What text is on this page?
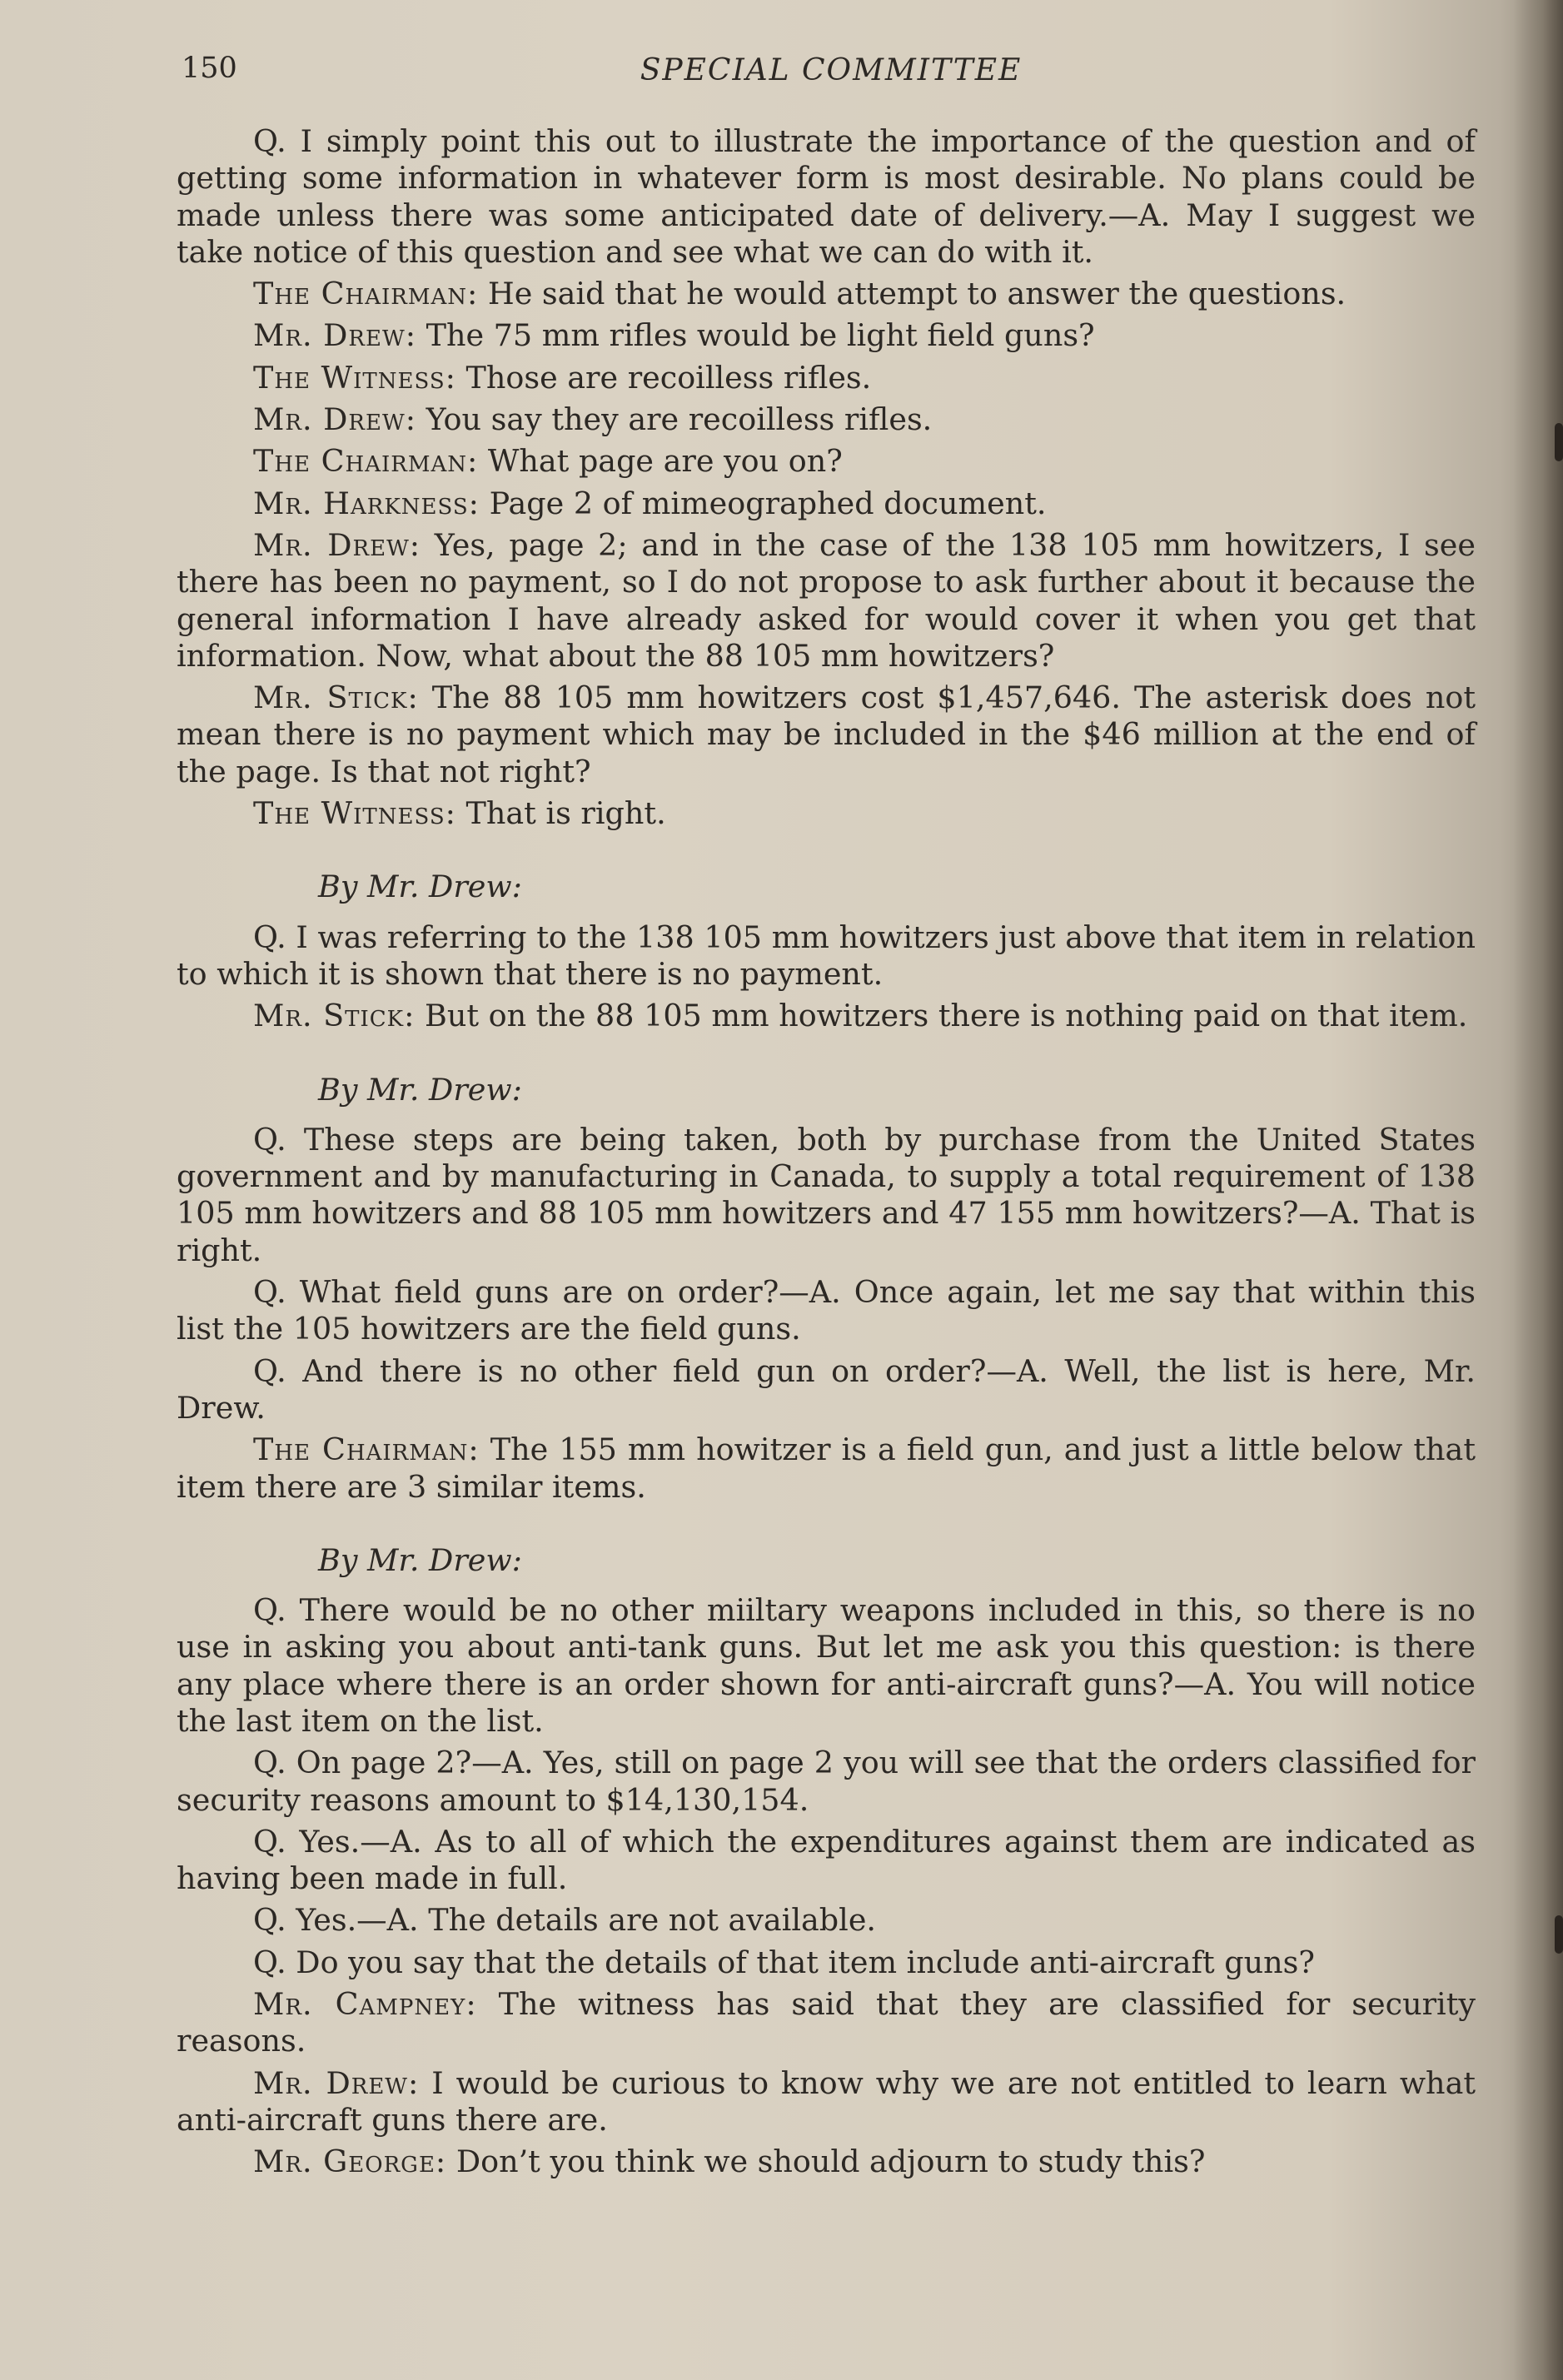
150	SPECIAL COMMITTEE

Q. I simply point this out to illustrate the importance of the question and of getting some information in whatever form is most desirable. No plans could be made unless there was some anticipated date of delivery.—A. May I suggest we take notice of this question and see what we can do with it.

The Chairman: He said that he would attempt to answer the questions.

Mr. Drew: The 75 mm rifles would be light field guns?

The Witness: Those are recoilless rifles.

Mr. Drew: You say they are recoilless rifles.

The Chairman: What page are you on?

Mr. Harkness: Page 2 of mimeographed document.

Mr. Drew: Yes, page 2; and in the case of the 138 105 mm howitzers, I see there has been no payment, so I do not propose to ask further about it because the general information I have already asked for would cover it when you get that information. Now, what about the 88 105 mm howitzers?

Mr. Stick: The 88 105 mm howitzers cost $1,457,646. The asterisk does not mean there is no payment which may be included in the $46 million at the end of the page. Is that not right?

The Witness: That is right.

By Mr. Drew:

Q. I was referring to the 138 105 mm howitzers just above that item in relation to which it is shown that there is no payment.

Mr. Stick: But on the 88 105 mm howitzers there is nothing paid on that item.

By Mr. Drew:

Q. These steps are being taken, both by purchase from the United States government and by manufacturing in Canada, to supply a total requirement of 138 105 mm howitzers and 88 105 mm howitzers and 47 155 mm howitzers?—A. That is right.

Q. What field guns are on order?—A. Once again, let me say that within this list the 105 howitzers are the field guns.

Q. And there is no other field gun on order?—A. Well, the list is here, Mr. Drew.

The Chairman: The 155 mm howitzer is a field gun, and just a little below that item there are 3 similar items.

By Mr. Drew:

Q. There would be no other miiltary weapons included in this, so there is no use in asking you about anti-tank guns. But let me ask you this question: is there any place where there is an order shown for anti-aircraft guns?—A. You will notice the last item on the list.

Q. On page 2?—A. Yes, still on page 2 you will see that the orders classified for security reasons amount to $14,130,154.

Q. Yes.—A. As to all of which the expenditures against them are indicated as having been made in full.

Q. Yes.—A. The details are not available.

Q. Do you say that the details of that item include anti-aircraft guns?

Mr. Campney: The witness has said that they are classified for security reasons.

Mr. Drew: I would be curious to know why we are not entitled to learn what anti-aircraft guns there are.

Mr. George: Don’t you think we should adjourn to study this?
